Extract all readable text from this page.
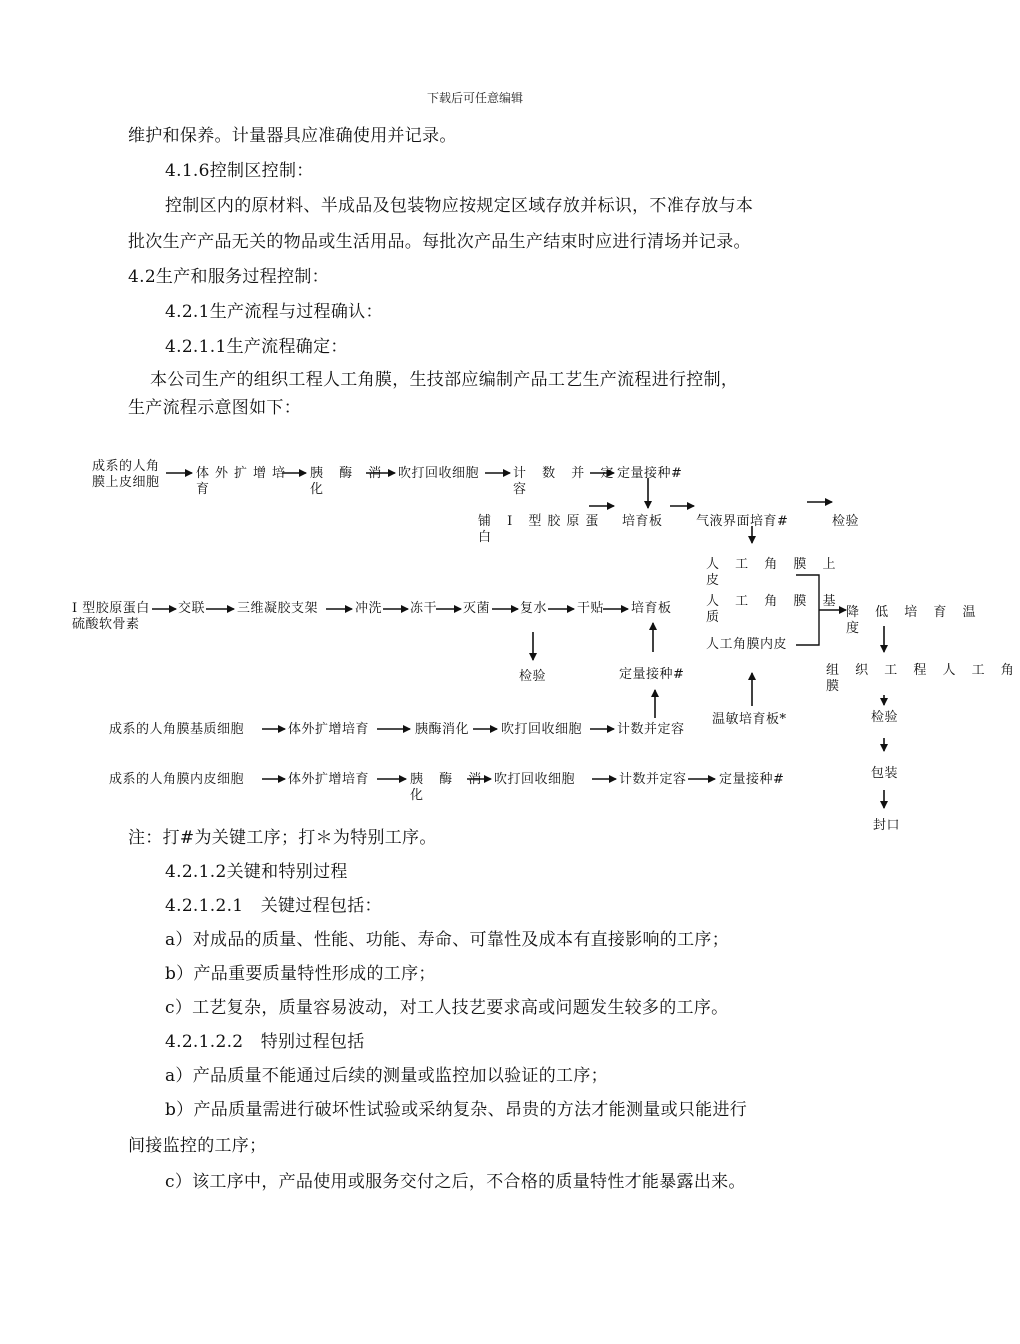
下载后可任意编辑
维护和保养。计量器具应准确使用并记录。
4.1.6控制区控制：
控制区内的原材料、半成品及包装物应按规定区域存放并标识，不准存放与本
批次生产产品无关的物品或生活用品。每批次产品生产结束时应进行清场并记录。
4.2生产和服务过程控制：
4.2.1生产流程与过程确认：
4.2.1.1生产流程确定：
本公司生产的组织工程人工角膜，生技部应编制产品工艺生产流程进行控制，
生产流程示意图如下：
成系的人角
膜上皮细胞
体外扩增培
育
胰 酶 消
化
吹打回收细胞	计 数 并 定
容
定量接种#
铺 I 型胶原蛋
白
培育板	气液界面培育#	检验
人 工 角 膜 上
皮
人 工 角 膜 基
质
人工角膜内皮
I 型胶原蛋白
硫酸软骨素
交联 三维凝胶支架	冲洗 冻干 灭菌 复水 干贴 培育板
检验	定量接种#
降 低 培 育 温
度
组 织 工 程 人 工 角
膜
检验
包装
封口
成系的人角膜基质细胞	体外扩增培育	胰酶消化 吹打回收细胞	计数并定容
温敏培育板*
成系的人角膜内皮细胞	体外扩增培育	胰 酶 消
化
吹打回收细胞	计数并定容 定量接种#
注：打#为关键工序；打＊为特别工序。
4.2.1.2关键和特别过程
4.2.1.2.1　关键过程包括：
a）对成品的质量、性能、功能、寿命、可靠性及成本有直接影响的工序；
b）产品重要质量特性形成的工序；
c）工艺复杂，质量容易波动，对工人技艺要求高或问题发生较多的工序。
4.2.1.2.2　特别过程包括
a）产品质量不能通过后续的测量或监控加以验证的工序；
b）产品质量需进行破坏性试验或采纳复杂、昂贵的方法才能测量或只能进行
间接监控的工序；
c）该工序中，产品使用或服务交付之后，不合格的质量特性才能暴露出来。
